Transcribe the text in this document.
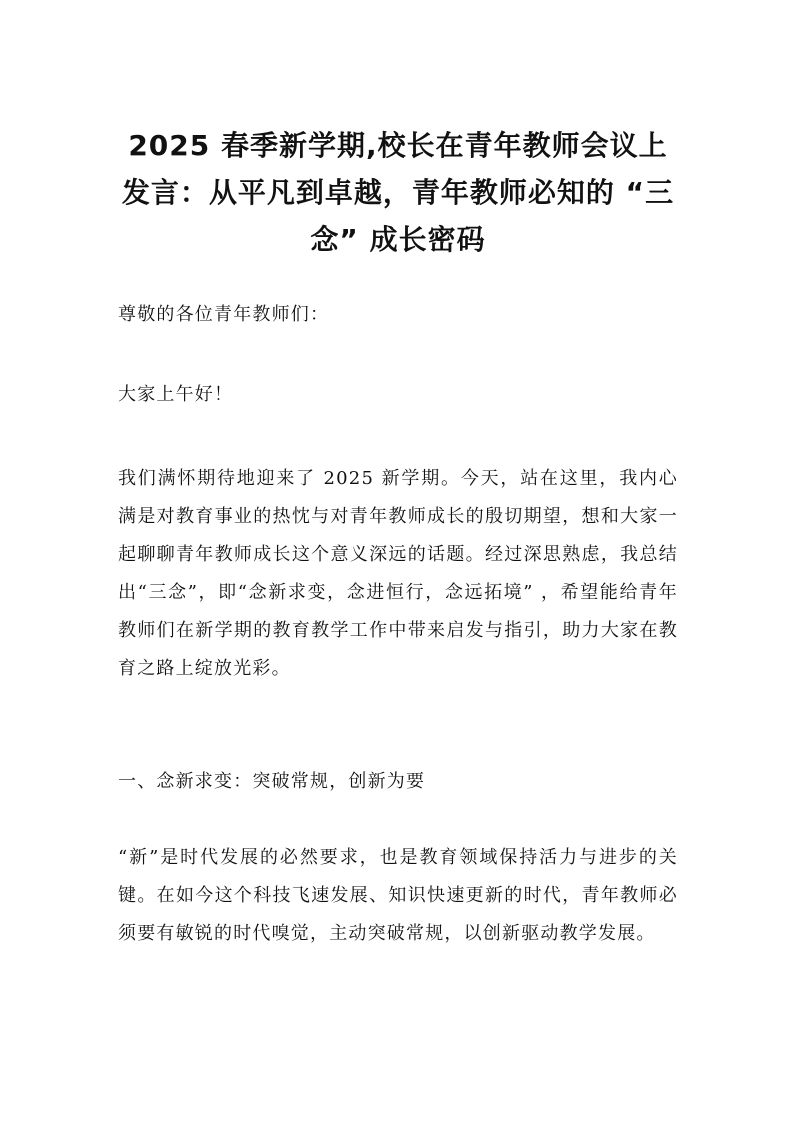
2025 春季新学期,校长在青年教师会议上发言：从平凡到卓越，青年教师必知的 “三念” 成长密码

尊敬的各位青年教师们：

大家上午好！

我们满怀期待地迎来了 2025 新学期。今天，站在这里，我内心满是对教育事业的热忱与对青年教师成长的殷切期望，想和大家一起聊聊青年教师成长这个意义深远的话题。经过深思熟虑，我总结出“三念”，即“念新求变，念进恒行，念远拓境” ，希望能给青年教师们在新学期的教育教学工作中带来启发与指引，助力大家在教育之路上绽放光彩。

一、念新求变：突破常规，创新为要

“新”是时代发展的必然要求，也是教育领域保持活力与进步的关键。在如今这个科技飞速发展、知识快速更新的时代，青年教师必须要有敏锐的时代嗅觉，主动突破常规，以创新驱动教学发展。
